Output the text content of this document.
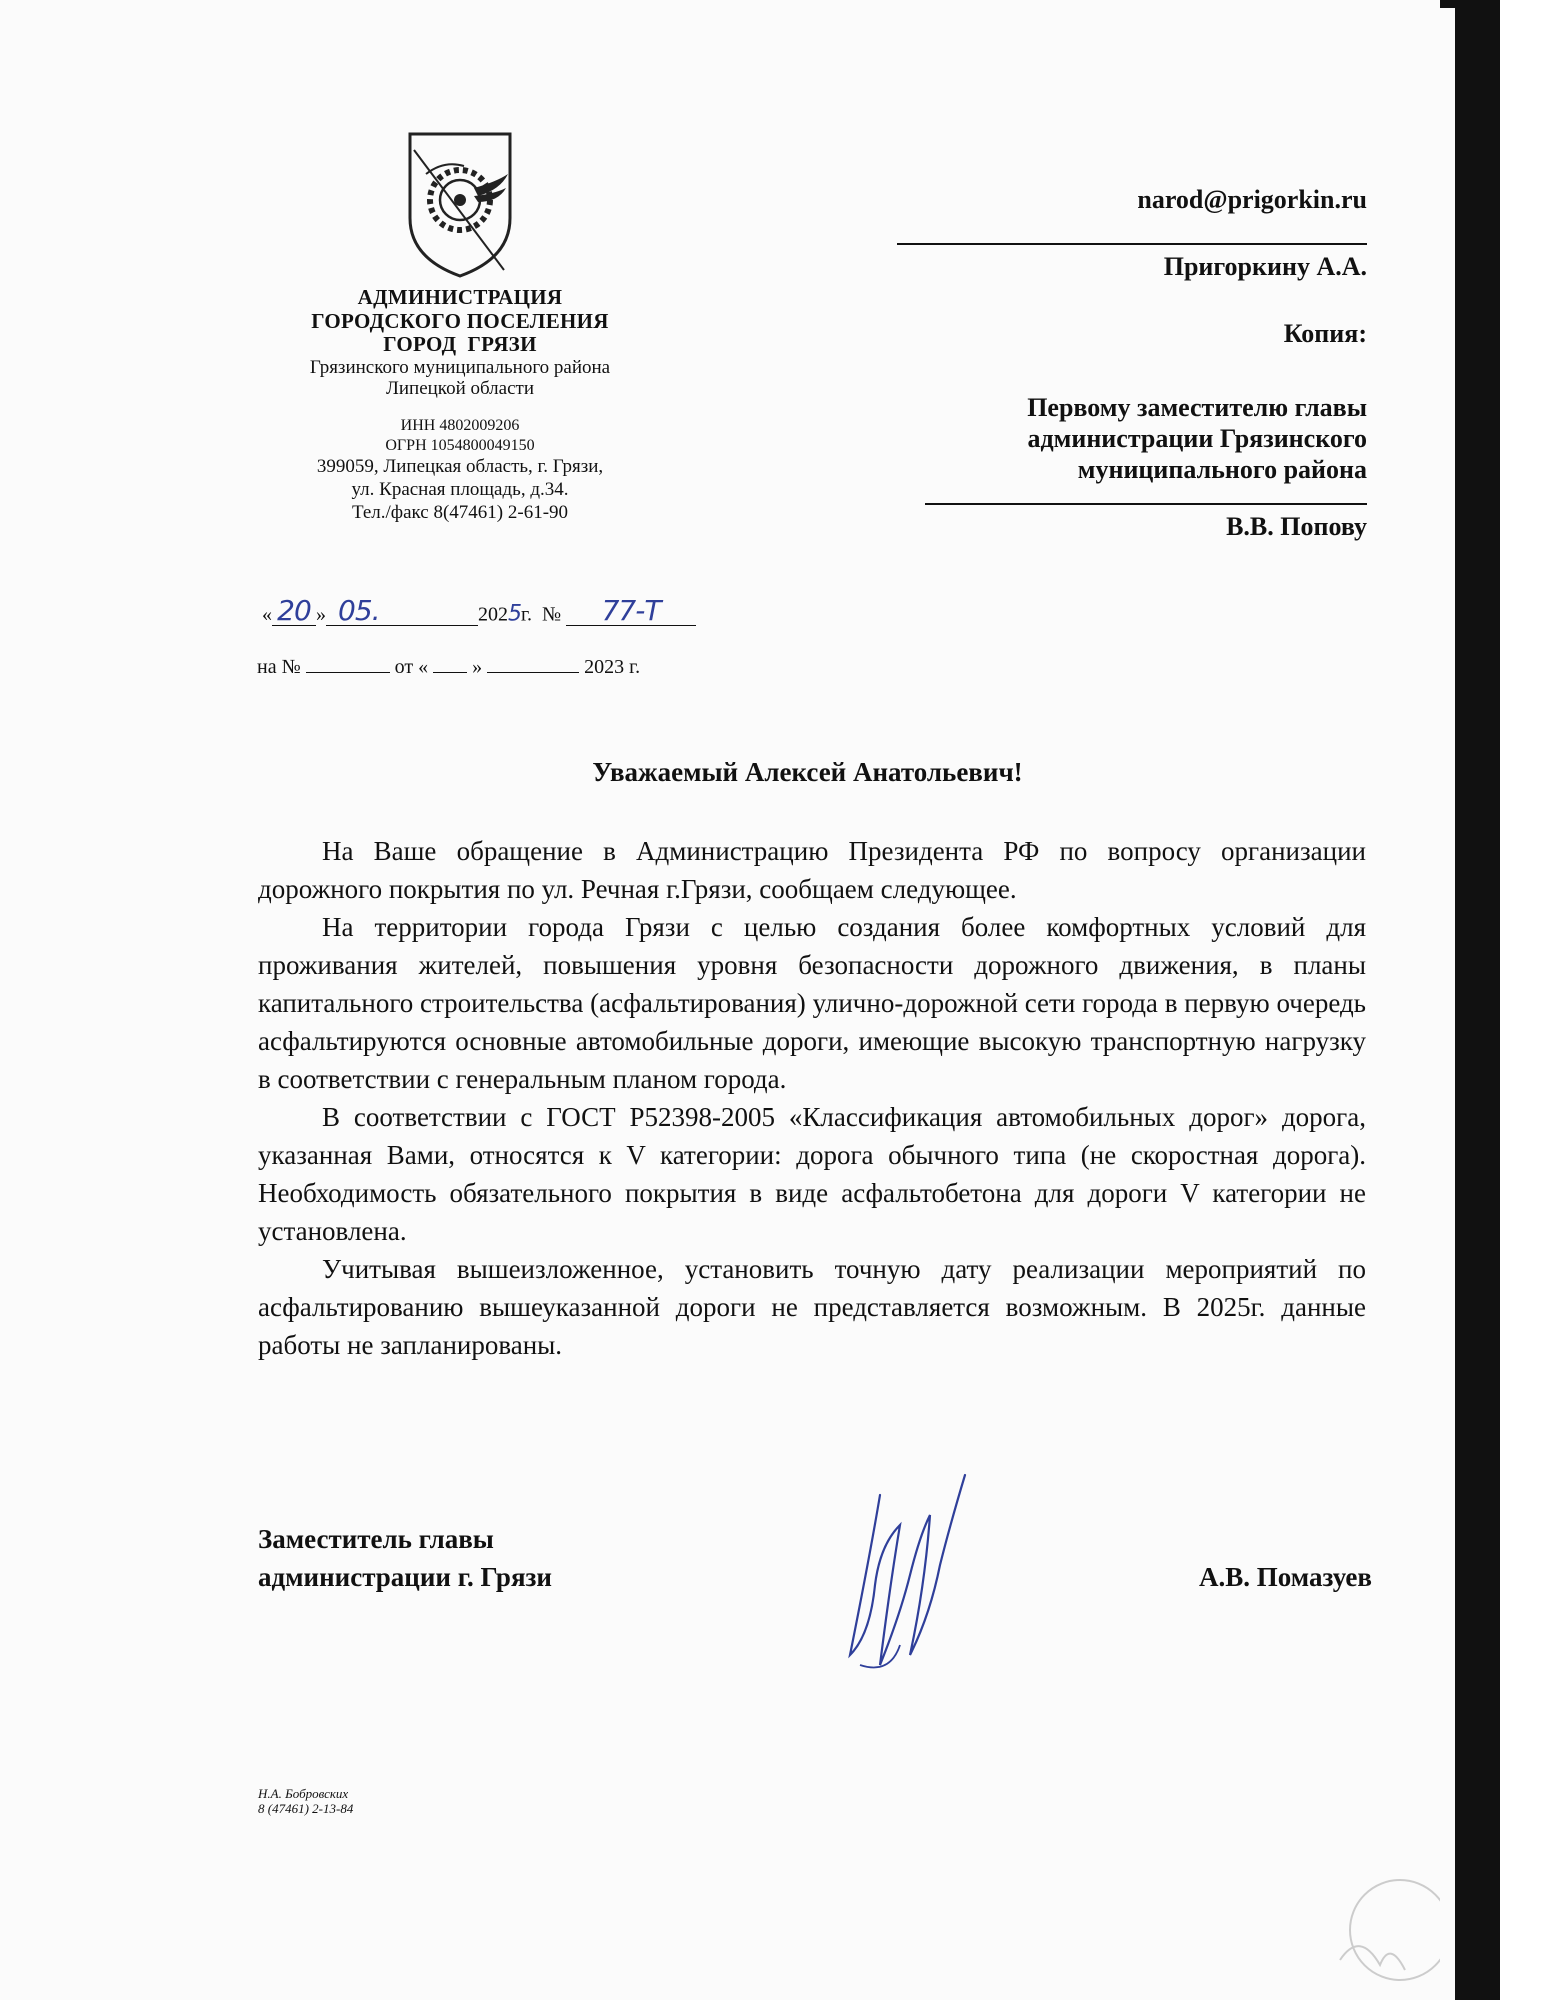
АДМИНИСТРАЦИЯ
ГОРОДСКОГО ПОСЕЛЕНИЯ
ГОРОД  ГРЯЗИ
Грязинского муниципального района
Липецкой области
ИНН 4802009206
ОГРН 1054800049150
399059, Липецкая область, г. Грязи,
ул. Красная площадь, д.34.
Тел./факс 8(47461) 2-61-90
« 20 » 05.	2025г.  № 77-Т
на №	от « »	2023 г.
narod@prigorkin.ru
Пригоркину А.А.
Копия:
Первому заместителю главы
администрации Грязинского
муниципального района
В.В. Попову
Уважаемый Алексей Анатольевич!

На Ваше обращение в Администрацию Президента РФ по вопросу организации дорожного покрытия по ул. Речная г.Грязи, сообщаем следующее.

На территории города Грязи с целью создания более комфортных условий для проживания жителей, повышения уровня безопасности дорожного движения, в планы капитального строительства (асфальтирования) улично-дорожной сети города в первую очередь асфальтируются основные автомобильные дороги, имеющие высокую транспортную нагрузку в соответствии с генеральным планом города.

В соответствии с ГОСТ Р52398-2005 «Классификация автомобильных дорог» дорога, указанная Вами, относятся к V категории: дорога обычного типа (не скоростная дорога). Необходимость обязательного покрытия в виде асфальтобетона для дороги V категории не установлена.

Учитывая вышеизложенное, установить точную дату реализации мероприятий по асфальтированию вышеуказанной дороги не представляется возможным. В 2025г. данные работы не запланированы.

Заместитель главы
администрации г. Грязи	А.В. Помазуев
Н.А. Бобровских
8 (47461) 2-13-84
